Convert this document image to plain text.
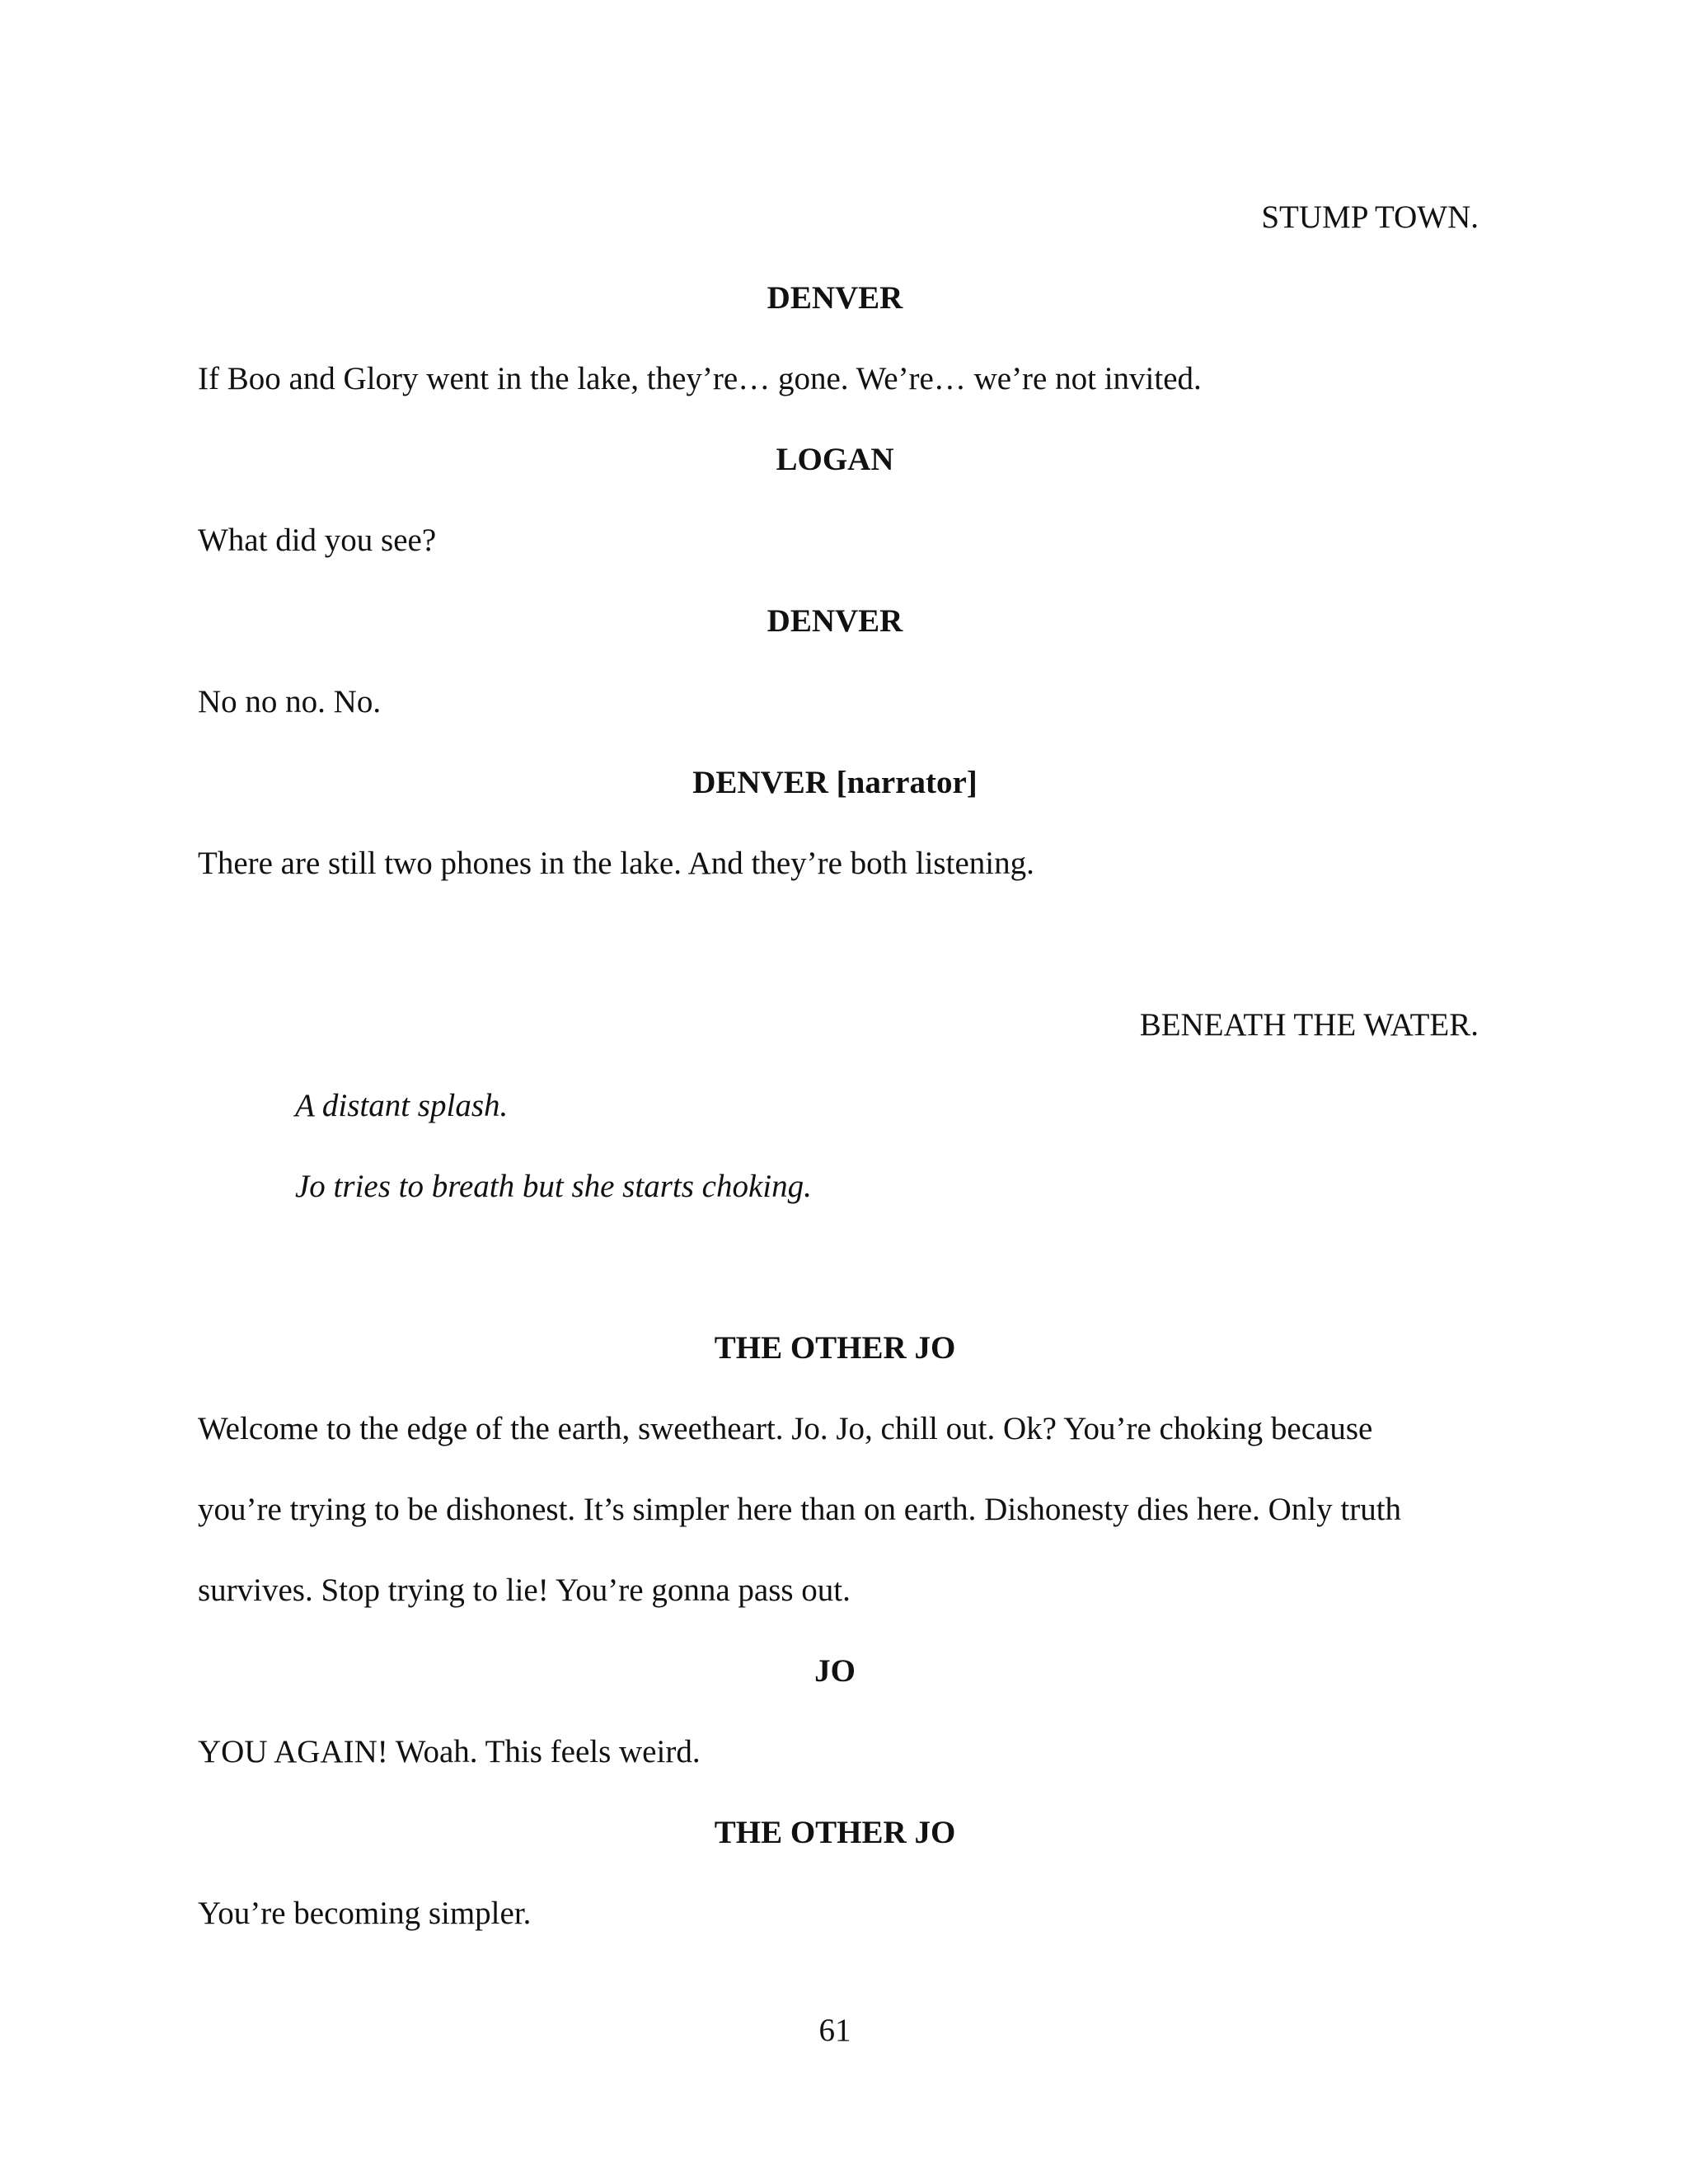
STUMP TOWN.
DENVER
If Boo and Glory went in the lake, they’re… gone. We’re… we’re not invited.
LOGAN
What did you see?
DENVER
No no no. No.
DENVER [narrator]
There are still two phones in the lake. And they’re both listening.
BENEATH THE WATER.
A distant splash.
Jo tries to breath but she starts choking.
THE OTHER JO
Welcome to the edge of the earth, sweetheart. Jo. Jo, chill out. Ok? You’re choking because
you’re trying to be dishonest. It’s simpler here than on earth. Dishonesty dies here. Only truth
survives. Stop trying to lie! You’re gonna pass out.
JO
YOU AGAIN! Woah. This feels weird.
THE OTHER JO
You’re becoming simpler.
61
